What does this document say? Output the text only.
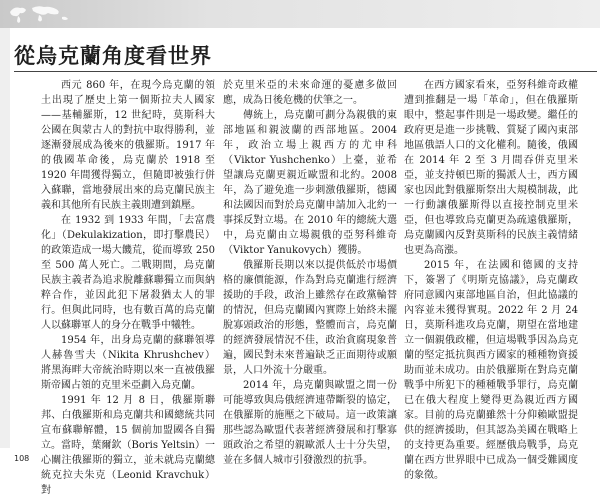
從烏克蘭角度看世界

西元 860 年，在現今烏克蘭的領土出現了歷史上第一個斯拉夫人國家——基輔羅斯，12 世紀時，莫斯科大公國在與蒙古人的對抗中取得勝利，並逐漸發展成為後來的俄羅斯。1917 年的俄國革命後，烏克蘭於 1918 至 1920 年間獲得獨立，但隨即被強行併入蘇聯，當地發展出來的烏克蘭民族主義和其他所有民族主義則遭到鎮壓。

在 1932 到 1933 年間，「去富農化」（Dekulakization，即打擊農民）的政策造成一場大饑荒，從而導致 250 至 500 萬人死亡。二戰期間，烏克蘭民族主義者為追求脫離蘇聯獨立而與納粹合作，並因此犯下屠殺猶太人的罪行。但與此同時，也有數百萬的烏克蘭人以蘇聯軍人的身分在戰爭中犧牲。

1954 年，出身烏克蘭的蘇聯領導人赫魯雪夫（Nikita Khrushchev）將黑海畔大帝統治時期以來一直被俄羅斯帝國占領的克里米亞劃入烏克蘭。

1991 年 12 月 8 日，俄羅斯聯邦、白俄羅斯和烏克蘭共和國總統共同宣布蘇聯解體，15 個前加盟國各自獨立。當時，葉爾欽（Boris Yeltsin）一心關注俄羅斯的獨立，並未就烏克蘭總統克拉夫朱克（Leonid Kravchuk）對

於克里米亞的未來命運的憂慮多做回應，成為日後危機的伏筆之一。

傳統上，烏克蘭可劃分為親俄的東部地區和親波蘭的西部地區。2004 年，政治立場上親西方的尤申科（Viktor Yushchenko）上臺，並希望讓烏克蘭更親近歐盟和北約。2008 年，為了避免進一步刺激俄羅斯，德國和法國因而對於烏克蘭申請加入北約一事採反對立場。在 2010 年的總統大選中，烏克蘭由立場親俄的亞努科維奇（Viktor Yanukovych）獲勝。

俄羅斯長期以來以提供低於市場價格的廉價能源，作為對烏克蘭進行經濟援助的手段，政治上雖然存在政黨輪替的情況，但烏克蘭國內實際上始終未擺脫寡頭政治的形態，整體而言，烏克蘭的經濟發展情況不佳，政治貪腐現象普遍，國民對未來普遍缺乏正面期待或願景，人口外流十分嚴重。

2014 年，烏克蘭與歐盟之間一份可能導致與烏俄經濟連帶斷裂的協定，在俄羅斯的施壓之下破局。這一政策讓那些認為歐盟代表著經濟發展和打擊寡頭政治之希望的親歐派人士十分失望，並在多個人城市引發激烈的抗爭。

在西方國家看來，亞努科維奇政權遭到推翻是一場「革命」，但在俄羅斯眼中，整起事件則是一場政變。繼任的政府更是進一步挑戰、質疑了國內東部地區俄語人口的文化權利。隨後，俄國在 2014 年 2 至 3 月間吞併克里米亞，並支持頓巴斯的獨派人士，西方國家也因此對俄羅斯祭出大規模制裁，此一行動讓俄羅斯得以直接控制克里米亞，但也導致烏克蘭更為疏遠俄羅斯，烏克蘭國內反對莫斯科的民族主義情緒也更為高漲。

2015 年，在法國和德國的支持下，簽署了《明斯克協議》，烏克蘭政府同意國內東部地區自治，但此協議的內容並未獲得實現。2022 年 2 月 24 日，莫斯科進攻烏克蘭，期望在當地建立一個親俄政權，但這場戰爭因為烏克蘭的堅定抵抗與西方國家的種種物資援助而並未成功。由於俄羅斯在對烏克蘭戰爭中所犯下的種種戰爭罪行，烏克蘭已在俄大程度上變得更為親近西方國家。目前的烏克蘭雖然十分仰賴歐盟提供的經濟援助，但其認為美國在戰略上的支持更為重要。經歷俄烏戰爭，烏克蘭在西方世界眼中已成為一個受難國度的象徵。

108
